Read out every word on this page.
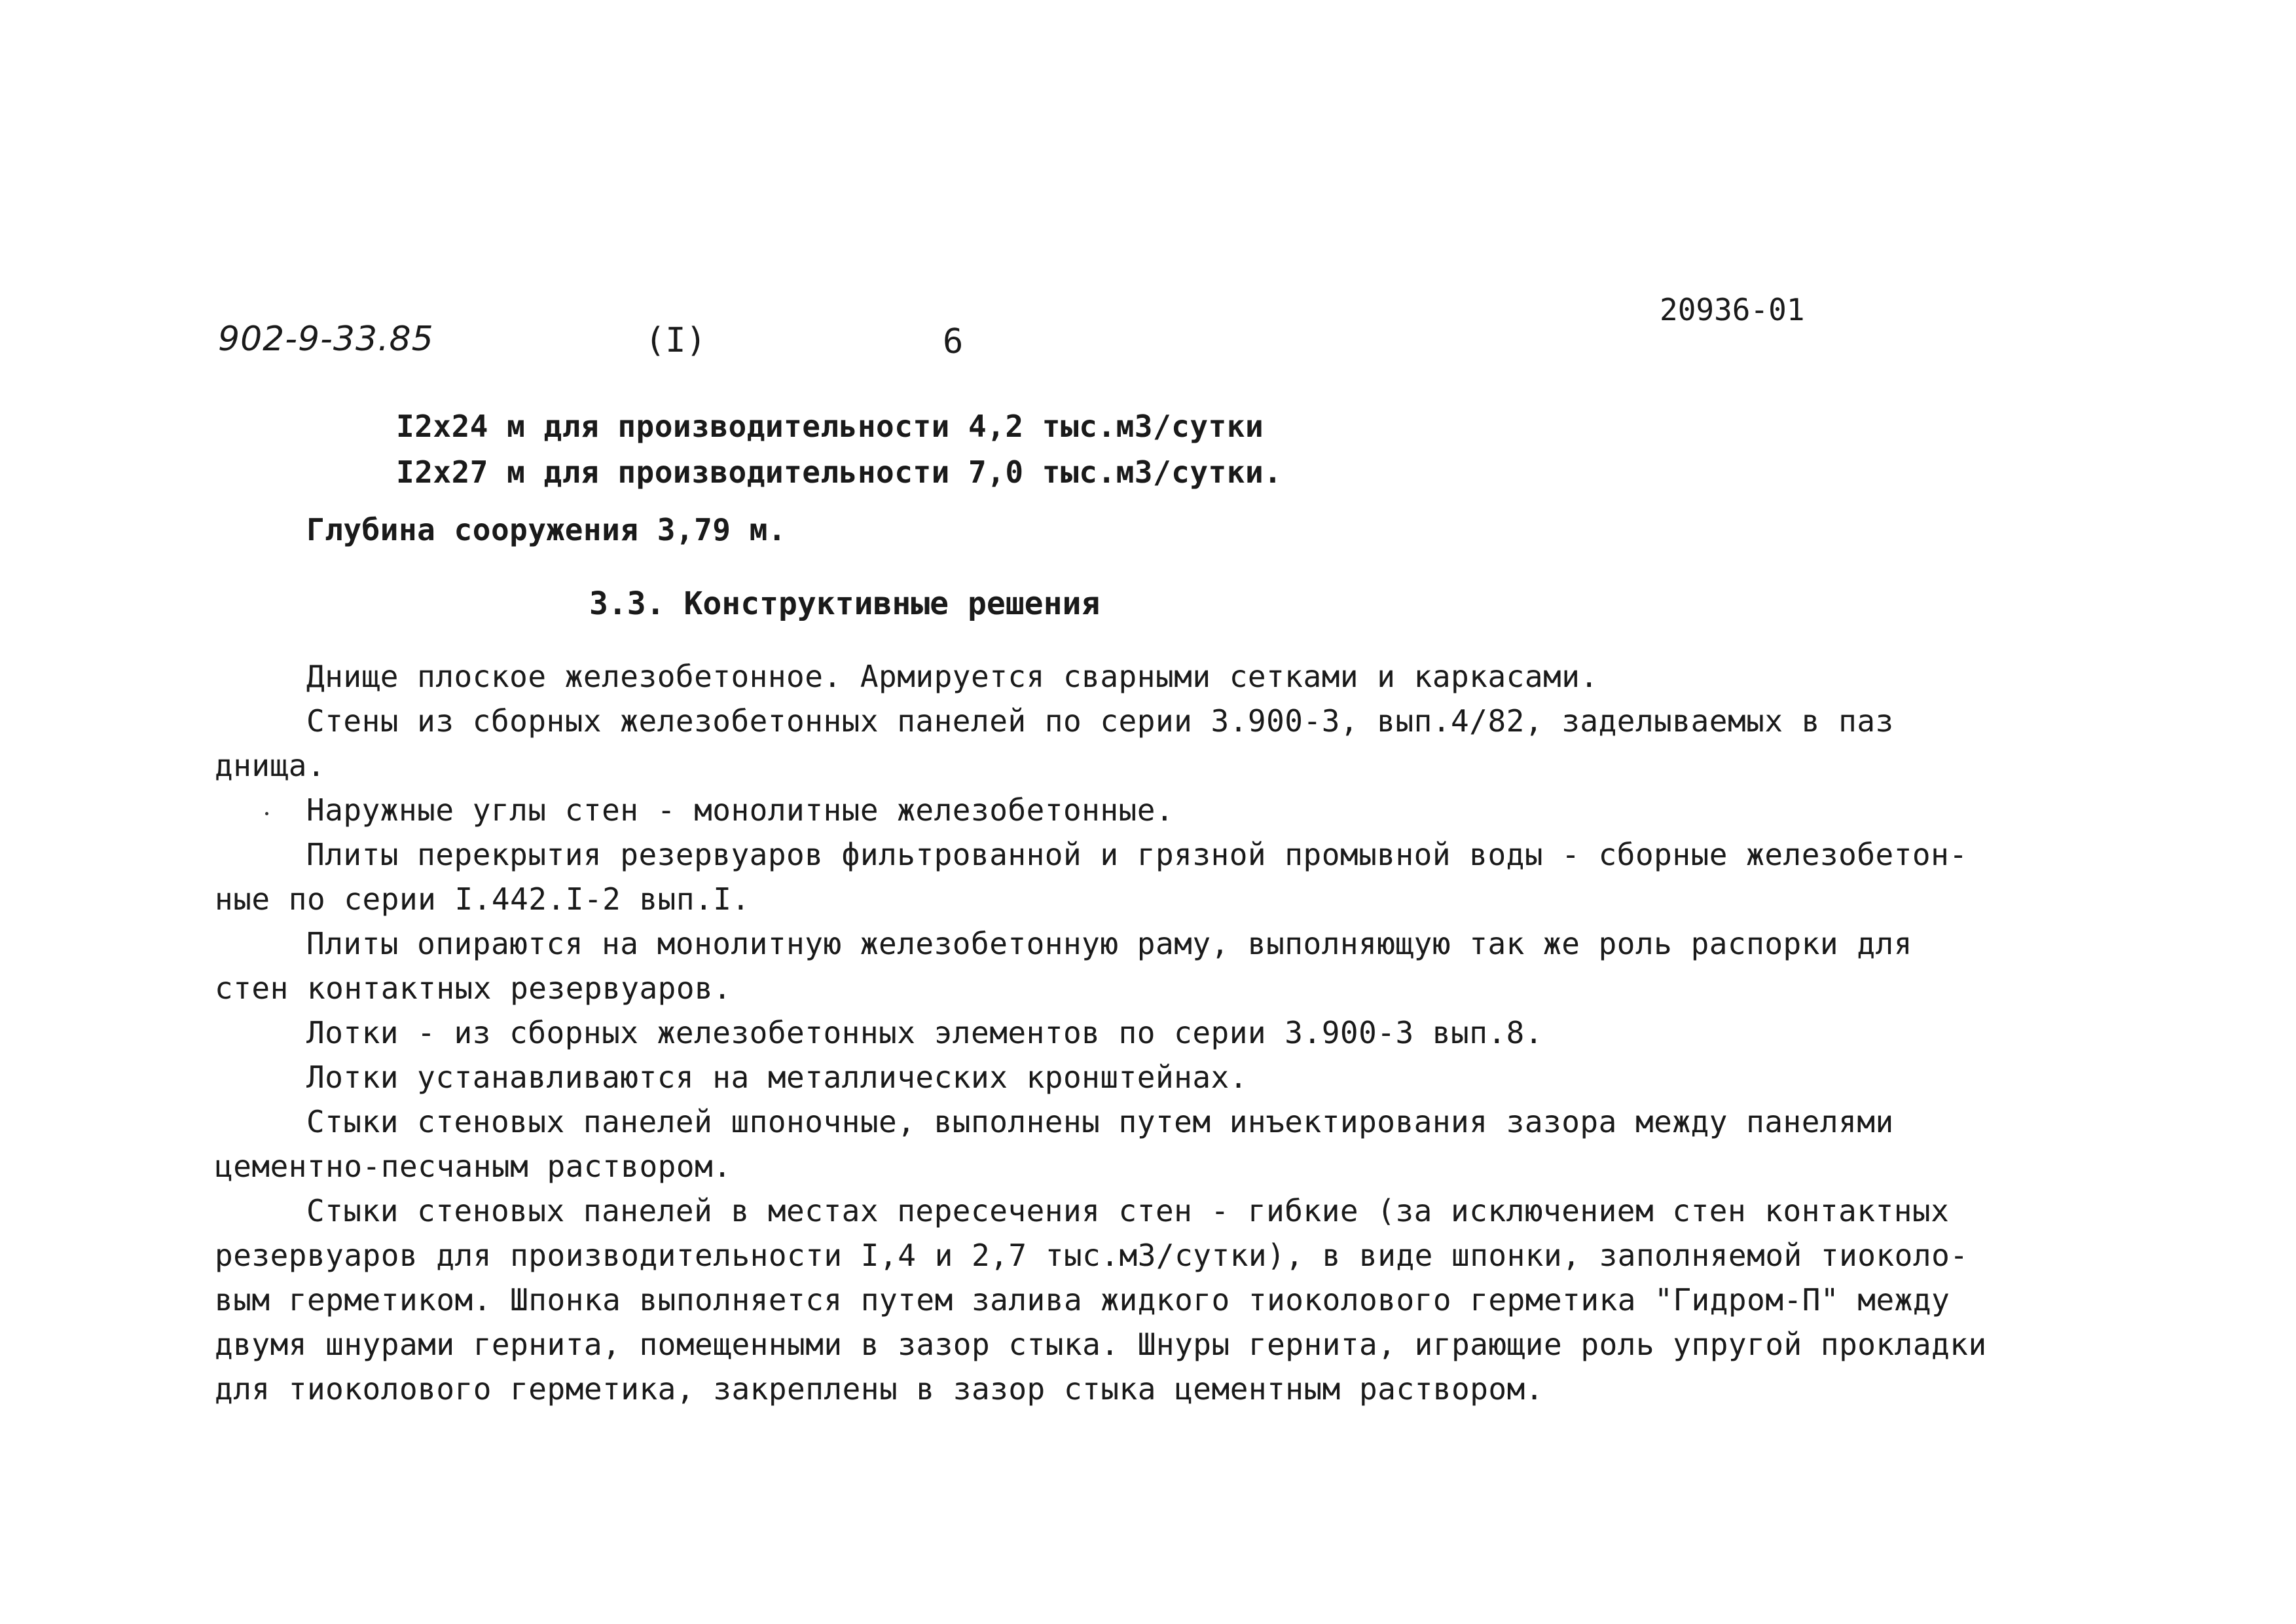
902-9-33.85	(I)	6
20936-01
I2x24 м для производительности 4,2 тыс.м3/сутки
I2x27 м для производительности 7,0 тыс.м3/сутки.
Глубина сооружения 3,79 м.
3.3. Конструктивные решения
Днище плоское железобетонное. Армируется сварными сетками и каркасами.
Стены из сборных железобетонных панелей по серии 3.900-3, вып.4/82, заделываемых в паз
днища.
Наружные углы стен - монолитные железобетонные.
Плиты перекрытия резервуаров фильтрованной и грязной промывной воды - сборные железобетон-
ные по серии I.442.I-2 вып.I.
Плиты опираются на монолитную железобетонную раму, выполняющую так же роль распорки для
стен контактных резервуаров.
Лотки - из сборных железобетонных элементов по серии 3.900-3 вып.8.
Лотки устанавливаются на металлических кронштейнах.
Стыки стеновых панелей шпоночные, выполнены путем инъектирования зазора между панелями
цементно-песчаным раствором.
Стыки стеновых панелей в местах пересечения стен - гибкие (за исключением стен контактных
резервуаров для производительности I,4 и 2,7 тыс.м3/сутки), в виде шпонки, заполняемой тиоколо-
вым герметиком. Шпонка выполняется путем залива жидкого тиоколового герметика "Гидром-П" между
двумя шнурами гернита, помещенными в зазор стыка. Шнуры гернита, играющие роль упругой прокладки
для тиоколового герметика, закреплены в зазор стыка цементным раствором.
